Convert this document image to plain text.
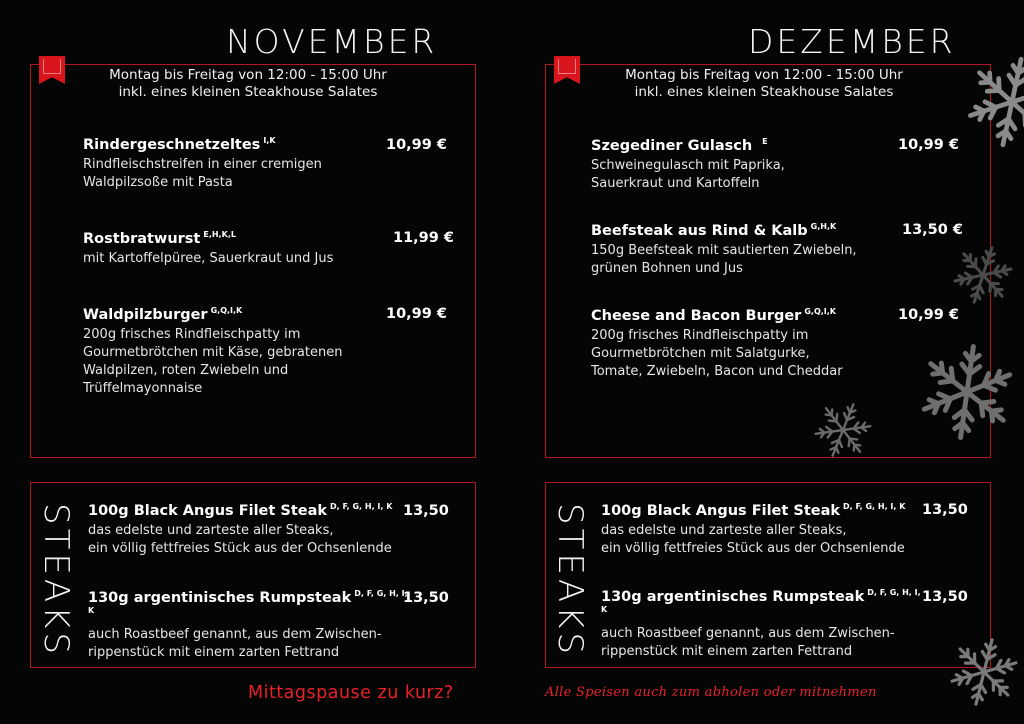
NOVEMBER
Montag bis Freitag von 12:00 - 15:00 Uhr
inkl. eines kleinen Steakhouse Salates
Rindergeschnetzeltes $^{I,K}$
Rindfleischstreifen in einer cremigen
Waldpilzsoße mit Pasta
10,99 €
Rostbratwurst $^{E,H,K,L}$
mit Kartoffelpüree, Sauerkraut und Jus
11,99 €
Waldpilzburger $^{G,Q,I,K}$
200g frisches Rindfleischpatty im
Gourmetbrötchen mit Käse, gebratenen
Waldpilzen, roten Zwiebeln und
Trüffelmayonnaise
10,99 €
STEAKS 100g Black Angus Filet Steak $^{D, F, G, H, I, K}$
das edelste und zarteste aller Steaks,
ein völlig fettfreies Stück aus der Ochsenlende
13,50
130g argentinisches Rumpsteak $^{D, F, G, H, I, K}$
auch Roastbeef genannt, aus dem Zwischen-
rippenstück mit einem zarten Fettrand
13,50
Mittagspause zu kurz?
DEZEMBER
Montag bis Freitag von 12:00 - 15:00 Uhr
inkl. eines kleinen Steakhouse Salates
Szegediner Gulasch $^E$
Schweinegulasch mit Paprika,
Sauerkraut und Kartoffeln
10,99 €
Beefsteak aus Rind & Kalb $^{G,H,K}$
150g Beefsteak mit sautierten Zwiebeln,
grünen Bohnen und Jus
13,50 €
Cheese and Bacon Burger $^{G,Q,I,K}$
200g frisches Rindfleischpatty im
Gourmetbrötchen mit Salatgurke,
Tomate, Zwiebeln, Bacon und Cheddar
10,99 €
STEAKS 100g Black Angus Filet Steak $^{D, F, G, H, I, K}$
das edelste und zarteste aller Steaks,
ein völlig fettfreies Stück aus der Ochsenlende
13,50
130g argentinisches Rumpsteak $^{D, F, G, H, I, K}$
auch Roastbeef genannt, aus dem Zwischen-
rippenstück mit einem zarten Fettrand
13,50
Alle Speisen auch zum abholen oder mitnehmen
